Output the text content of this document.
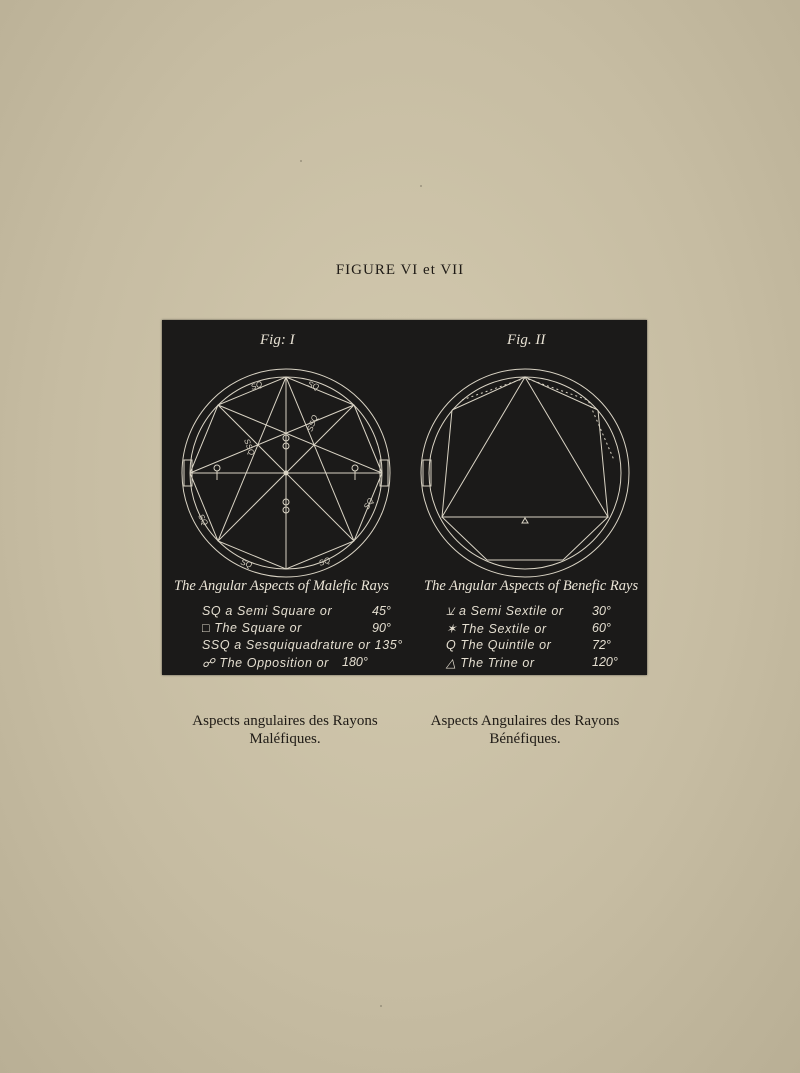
FIGURE VI et VII
SQ	SQ
SSQ
SSQ
SQ
SQ
SQ	SQ
Fig: I	Fig. II
The Angular Aspects of Malefic Rays The Angular Aspects of Benefic Rays
SQ a Semi Square or	45°
□ The Square or	90°
SSQ a Sesquiquadrature or 135°
☍ The Opposition or 180°
⚺ a Semi Sextile or 30°
✶ The Sextile or	60°
Q The Quintile or	72°
△ The Trine or	120°
Aspects angulaires des Rayons
Maléfiques.
Aspects Angulaires des Rayons
Bénéfiques.
